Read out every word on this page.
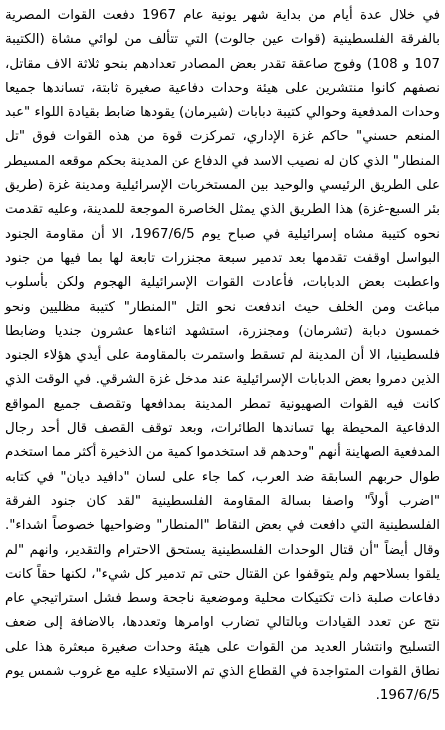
في خلال عدة أيام من بداية شهر يونية عام 1967 دفعت القوات المصرية بالفرقة الفلسطينية (قوات عين جالوت) التي تتألف من لوائي مشاة (الكتيبة 107 و 108) وفوج صاعقة تقدر بعض المصادر تعدادهم بنحو ثلاثة الاف مقاتل، نصفهم كانوا منتشرين على هيئة وحدات دفاعية صغيرة ثابتة، تساندها جميعا وحدات المدفعية وحوالي كتيبة دبابات (شيرمان) يقودها ضابط بقيادة اللواء "عبد المنعم حسني" حاكم غزة الإداري، تمركزت قوة من هذه القوات فوق "تل المنطار" الذي كان له نصيب الاسد في الدفاع عن المدينة بحكم موقعه المسيطر على الطريق الرئيسي والوحيد بين المستخربات الإسرائيلية ومدينة غزة (طريق بئر السبع-غزة) هذا الطريق الذي يمثل الخاصرة الموجعة للمدينة، وعليه تقدمت نحوه كتيبة مشاه إسرائيلية في صباح يوم 1967/6/5، الا أن مقاومة الجنود البواسل اوقفت تقدمها بعد تدمير سبعة مجنزرات تابعة لها بما فيها من جنود واعطبت بعض الدبابات، فأعادت القوات الإسرائيلية الهجوم ولكن بأسلوب مباغت ومن الخلف حيث اندفعت نحو التل "المنطار" كتيبة مظليين ونحو خمسون دبابة (تشرمان) ومجنزرة، استشهد اثناءها عشرون جنديا وضابطا فلسطينيا، الا أن المدينة لم تسقط واستمرت بالمقاومة على أيدي هؤلاء الجنود الذين دمروا بعض الدبابات الإسرائيلية عند مدخل غزة الشرقي. في الوقت الذي كانت فيه القوات الصهيونية تمطر المدينة بمدافعها وتقصف جميع المواقع الدفاعية المحيطة بها تساندها الطائرات، وبعد توقف القصف قال أحد رجال المدفعية الصهاينة أنهم "وحدهم قد استخدموا كمية من الذخيرة أكثر مما استخدم طوال حربهم السابقة ضد العرب، كما جاء على لسان "دافيد ديان" في كتابه "اضرب أولاً" واصفا بسالة المقاومة الفلسطينية "لقد كان جنود الفرقة الفلسطينية التي دافعت في بعض النقاط "المنطار" وضواحيها خصوصاً اشداء". وقال أيضاً "أن قتال الوحدات الفلسطينية يستحق الاحترام والتقدير، وانهم "لم يلقوا بسلاحهم ولم يتوقفوا عن القتال حتى تم تدمير كل شيء"، لكنها حقاً كانت دفاعات صلبة ذات تكتيكات محلية وموضعية ناجحة وسط فشل استراتيجي عام نتج عن تعدد القيادات وبالتالي تضارب اوامرها وتعددها، بالاضافة إلى ضعف التسليح وانتشار العديد من القوات على هيئة وحدات صغيرة مبعثرة هذا على نطاق القوات المتواجدة في القطاع الذي تم الاستيلاء عليه مع غروب شمس يوم 1967/6/5.
